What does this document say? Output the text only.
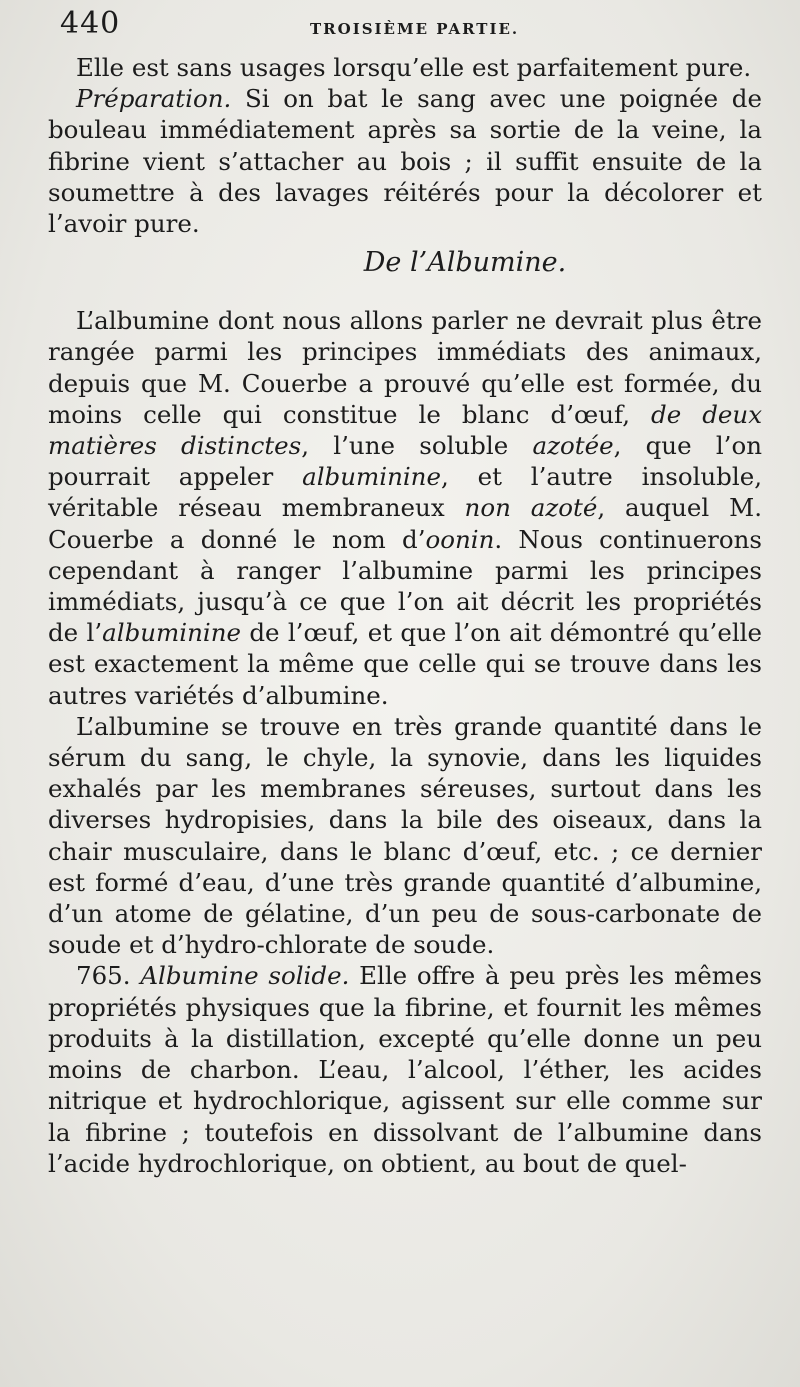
440	TROISIÈME PARTIE.

Elle est sans usages lorsqu’elle est parfaitement pure.

Préparation. Si on bat le sang avec une poignée de bouleau immédiatement après sa sortie de la veine, la fibrine vient s’attacher au bois ; il suffit ensuite de la soumettre à des lavages réitérés pour la décolorer et l’avoir pure.

De l’Albumine.

L’albumine dont nous allons parler ne devrait plus être rangée parmi les principes immédiats des animaux, depuis que M. Couerbe a prouvé qu’elle est formée, du moins celle qui constitue le blanc d’œuf, de deux matières distinctes, l’une soluble azotée, que l’on pourrait appeler albuminine, et l’autre insoluble, véritable réseau membraneux non azoté, auquel M. Couerbe a donné le nom d’oonin. Nous continuerons cependant à ranger l’albumine parmi les principes immédiats, jusqu’à ce que l’on ait décrit les propriétés de l’albuminine de l’œuf, et que l’on ait démontré qu’elle est exactement la même que celle qui se trouve dans les autres variétés d’albumine.

L’albumine se trouve en très grande quantité dans le sérum du sang, le chyle, la synovie, dans les liquides exhalés par les membranes séreuses, surtout dans les diverses hydropisies, dans la bile des oiseaux, dans la chair musculaire, dans le blanc d’œuf, etc. ; ce dernier est formé d’eau, d’une très grande quantité d’albumine, d’un atome de gélatine, d’un peu de sous-carbonate de soude et d’hydro-chlorate de soude.

765. Albumine solide. Elle offre à peu près les mêmes propriétés physiques que la fibrine, et fournit les mêmes produits à la distillation, excepté qu’elle donne un peu moins de charbon. L’eau, l’alcool, l’éther, les acides nitrique et hydrochlorique, agissent sur elle comme sur la fibrine ; toutefois en dissolvant de l’albumine dans l’acide hydrochlorique, on obtient, au bout de quel-
